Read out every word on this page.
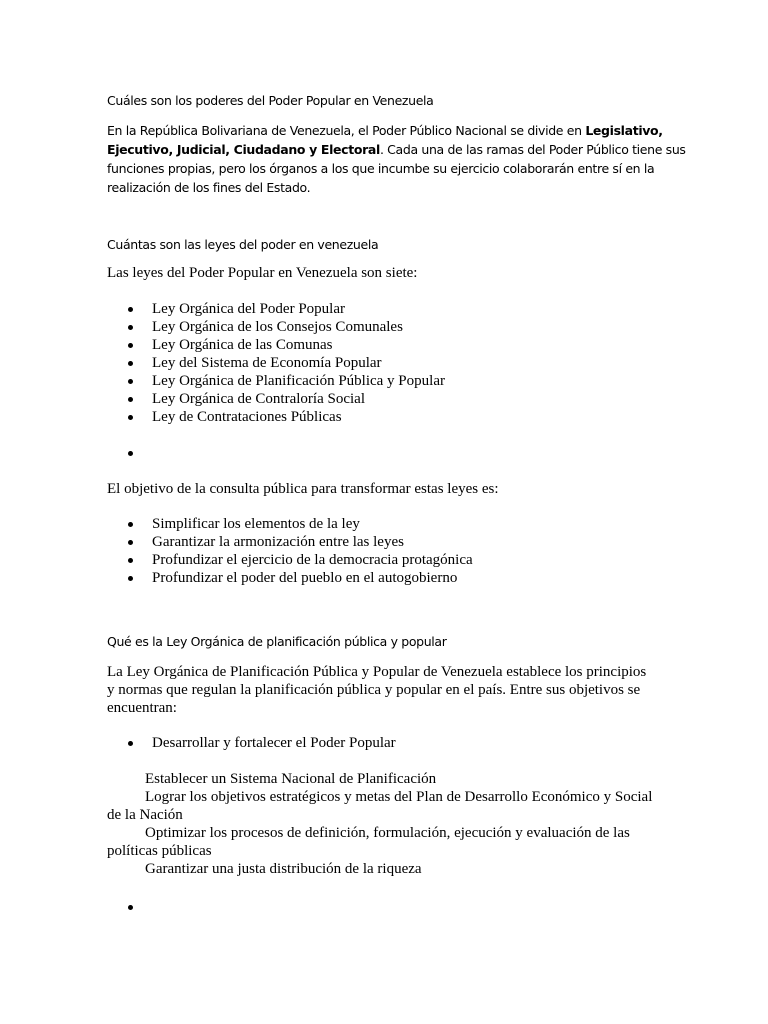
Cuáles son los poderes del Poder Popular en Venezuela
En la República Bolivariana de Venezuela, el Poder Público Nacional se divide en Legislativo,
Ejecutivo, Judicial, Ciudadano y Electoral. Cada una de las ramas del Poder Público tiene sus
funciones propias, pero los órganos a los que incumbe su ejercicio colaborarán entre sí en la
realización de los fines del Estado.
Cuántas son las leyes del poder en venezuela
Las leyes del Poder Popular en Venezuela son siete:
Ley Orgánica del Poder Popular
Ley Orgánica de los Consejos Comunales
Ley Orgánica de las Comunas
Ley del Sistema de Economía Popular
Ley Orgánica de Planificación Pública y Popular
Ley Orgánica de Contraloría Social
Ley de Contrataciones Públicas
El objetivo de la consulta pública para transformar estas leyes es:
Simplificar los elementos de la ley
Garantizar la armonización entre las leyes
Profundizar el ejercicio de la democracia protagónica
Profundizar el poder del pueblo en el autogobierno
Qué es la Ley Orgánica de planificación pública y popular
La Ley Orgánica de Planificación Pública y Popular de Venezuela establece los principios
y normas que regulan la planificación pública y popular en el país. Entre sus objetivos se
encuentran:
Desarrollar y fortalecer el Poder Popular
Establecer un Sistema Nacional de Planificación
Lograr los objetivos estratégicos y metas del Plan de Desarrollo Económico y Social
de la Nación
Optimizar los procesos de definición, formulación, ejecución y evaluación de las
políticas públicas
Garantizar una justa distribución de la riqueza
